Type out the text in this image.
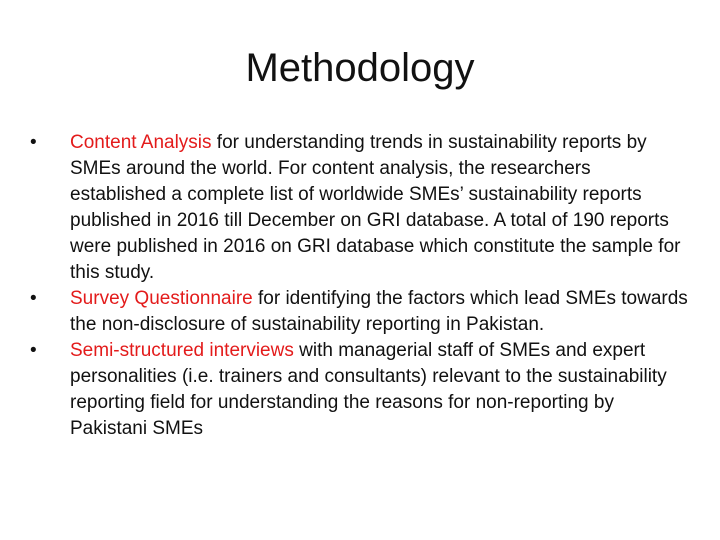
Methodology
•	Content Analysis for understanding trends in sustainability reports by SMEs around the world. For content analysis, the researchers established a complete list of worldwide SMEs’ sustainability reports published in 2016 till December on GRI database. A total of 190 reports were published in 2016 on GRI database which constitute the sample for this study.
•	Survey Questionnaire for identifying the factors which lead SMEs towards the non-disclosure of sustainability reporting in Pakistan.
•	Semi-structured interviews with managerial staff of SMEs and expert personalities (i.e. trainers and consultants) relevant to the sustainability reporting field for understanding the reasons for non-reporting by Pakistani SMEs
